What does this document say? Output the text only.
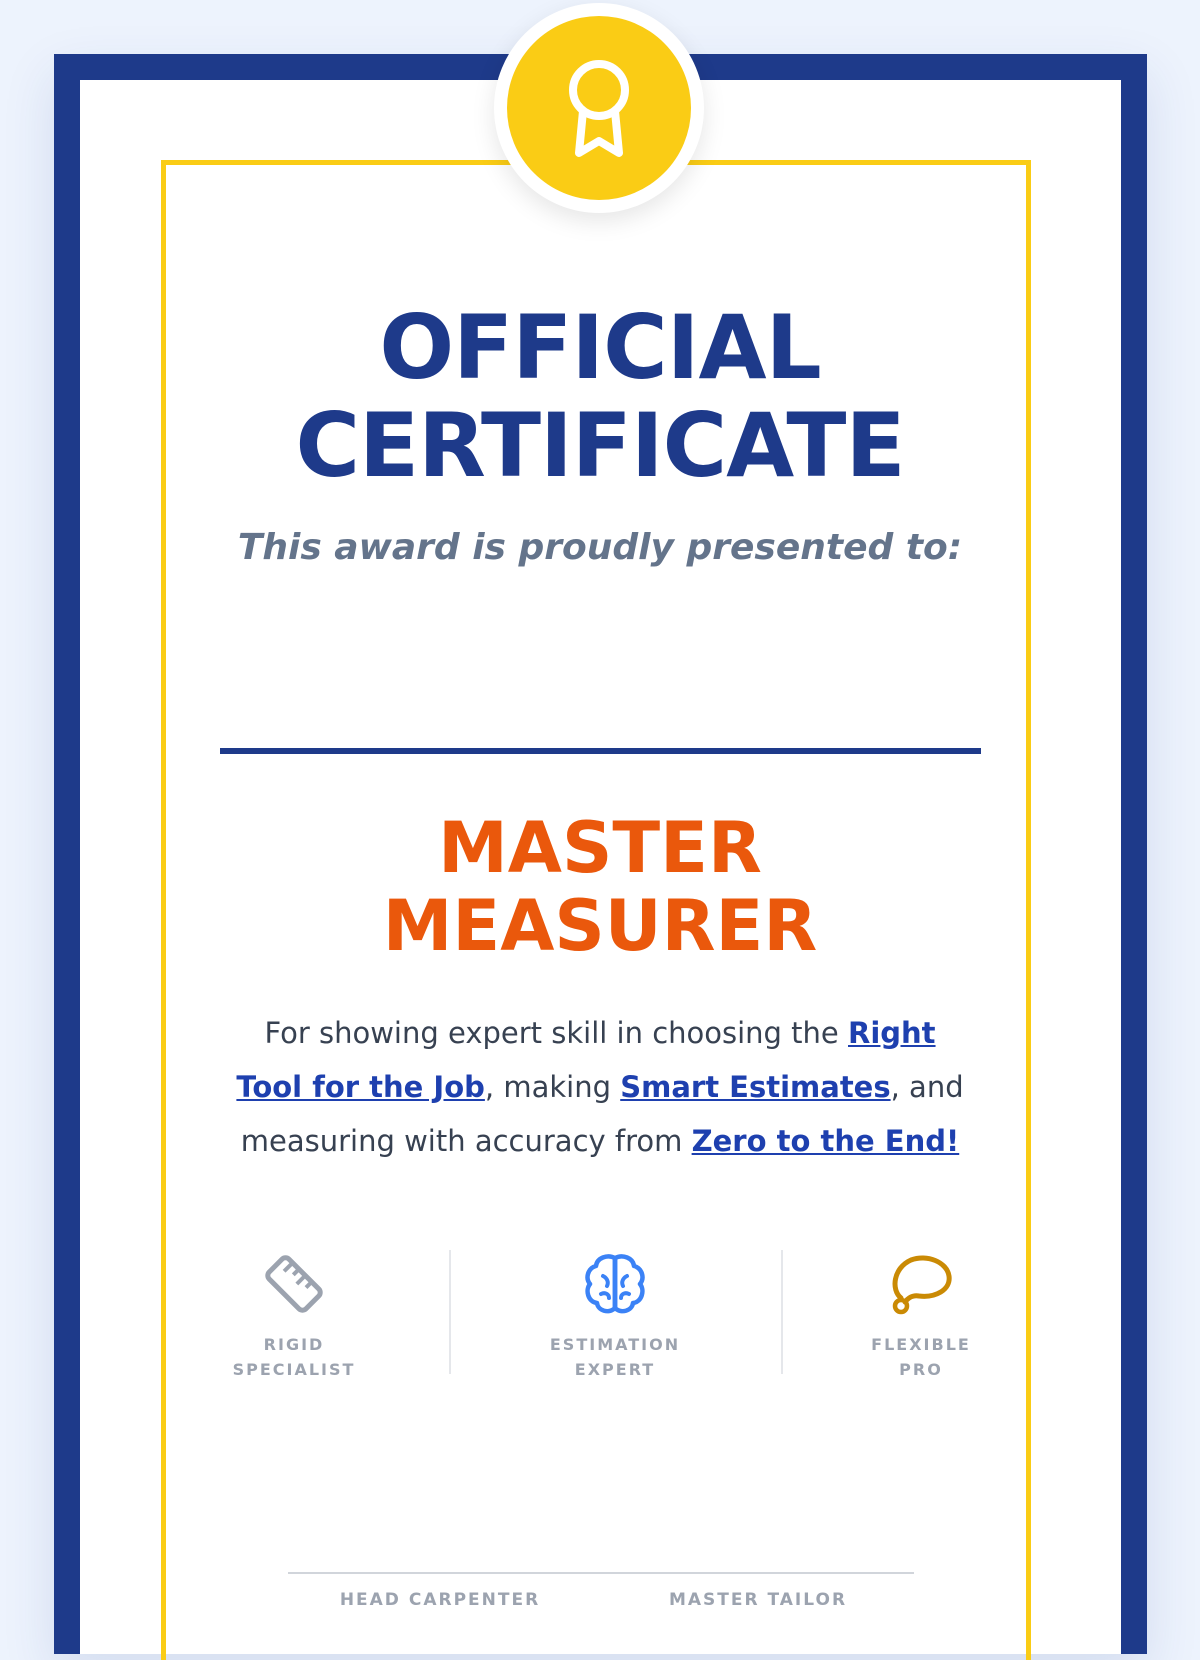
OFFICIAL
CERTIFICATE
This award is proudly presented to:
MASTER
MEASURER
For showing expert skill in choosing the Right Tool for the Job, making Smart Estimates, and measuring with accuracy from Zero to the End!
RIGID
SPECIALIST
ESTIMATION
EXPERT
FLEXIBLE
PRO
HEAD CARPENTER	MASTER TAILOR
